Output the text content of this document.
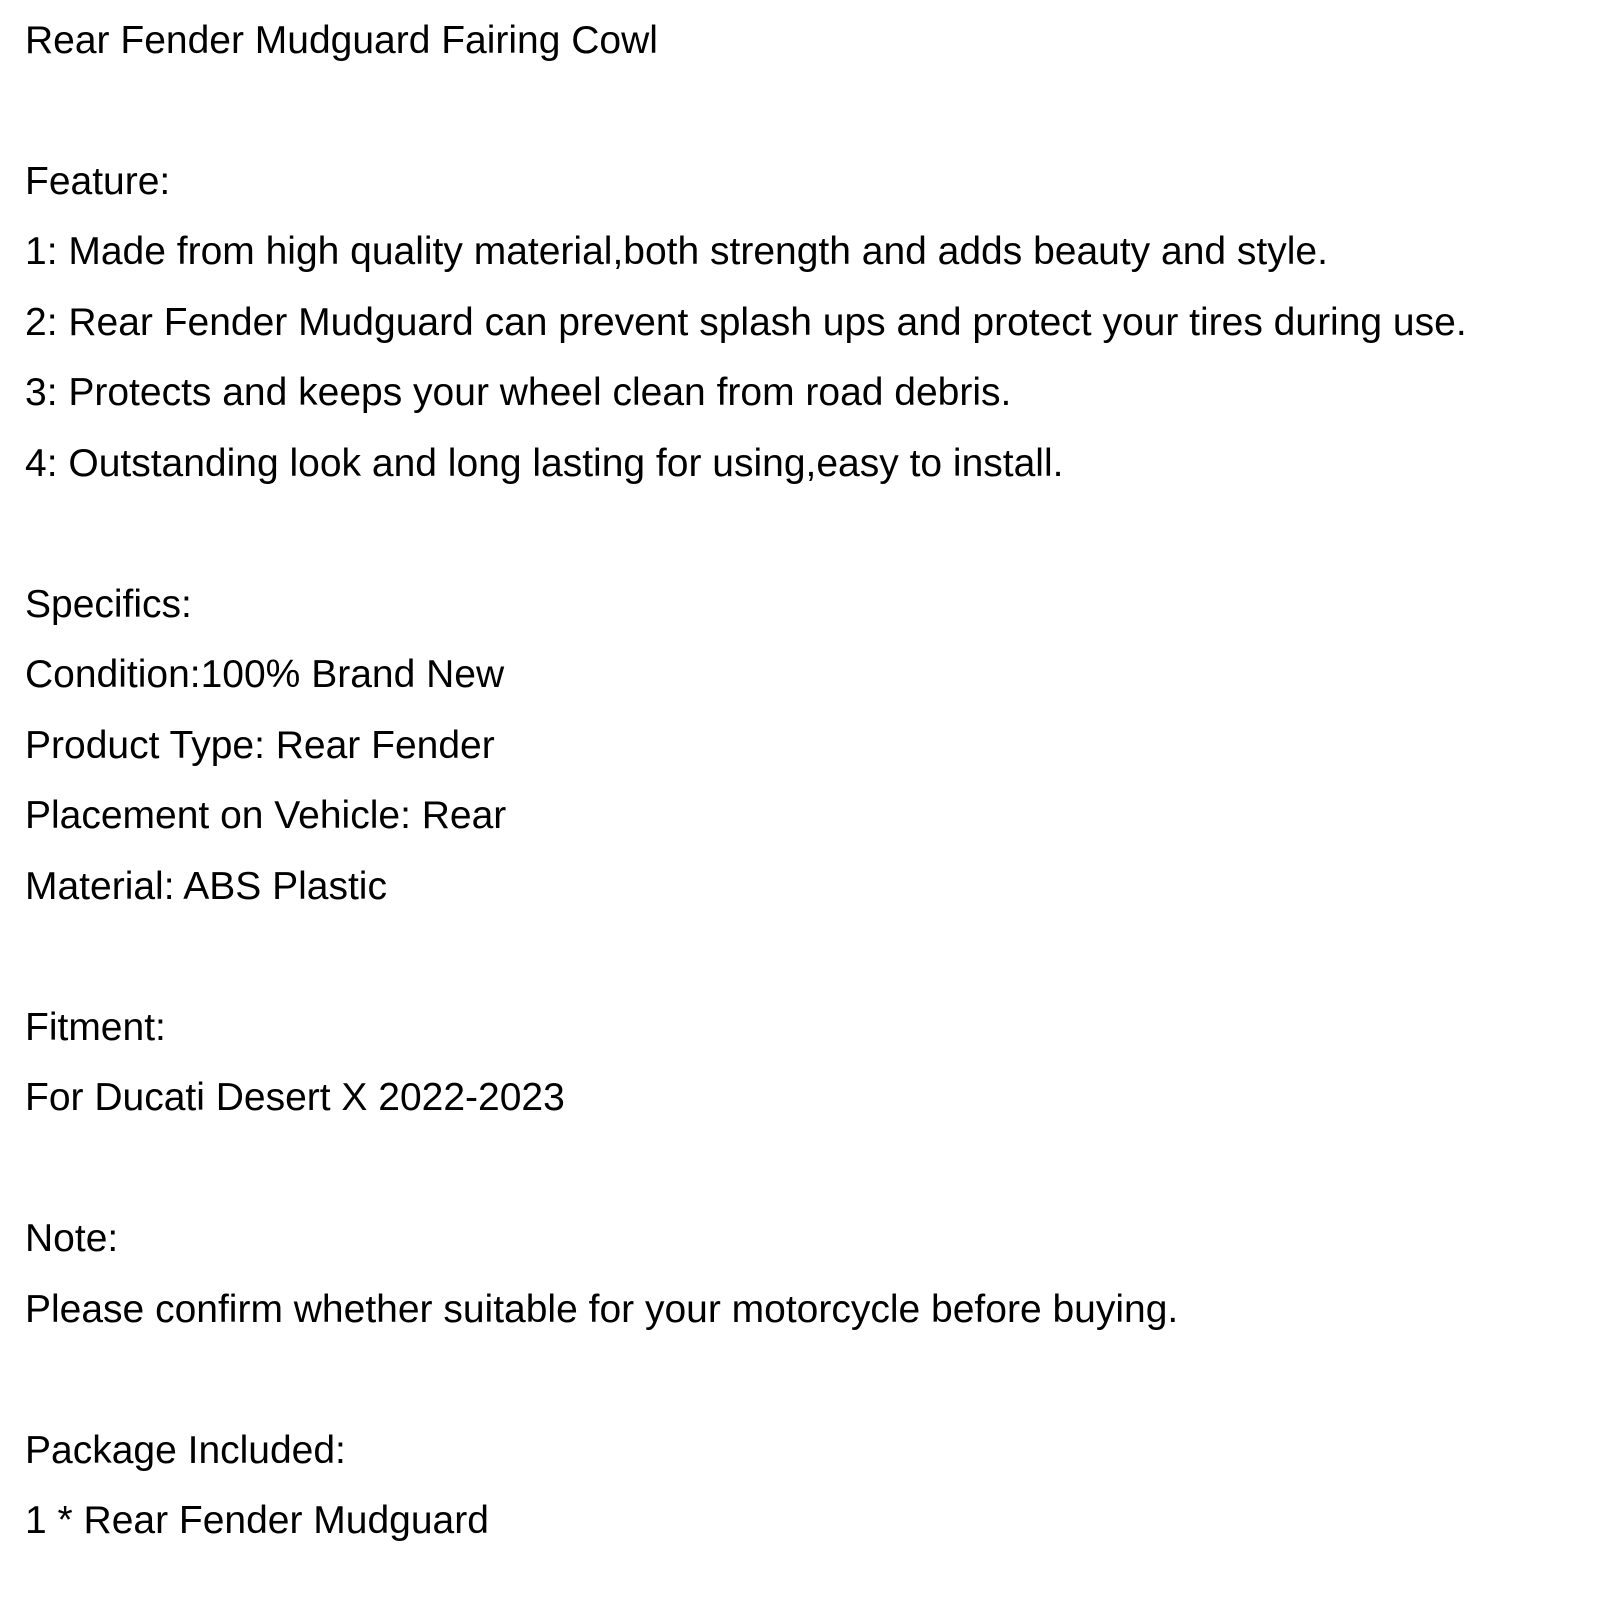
Rear Fender Mudguard Fairing Cowl

Feature:

1: Made from high quality material,both strength and adds beauty and style.

2: Rear Fender Mudguard can prevent splash ups and protect your tires during use.

3: Protects and keeps your wheel clean from road debris.

4: Outstanding look and long lasting for using,easy to install.

Specifics:

Condition:100% Brand New

Product Type: Rear Fender

Placement on Vehicle: Rear

Material: ABS Plastic

Fitment:

For Ducati Desert X 2022-2023

Note:

Please confirm whether suitable for your motorcycle before buying.

Package Included:

1 * Rear Fender Mudguard
